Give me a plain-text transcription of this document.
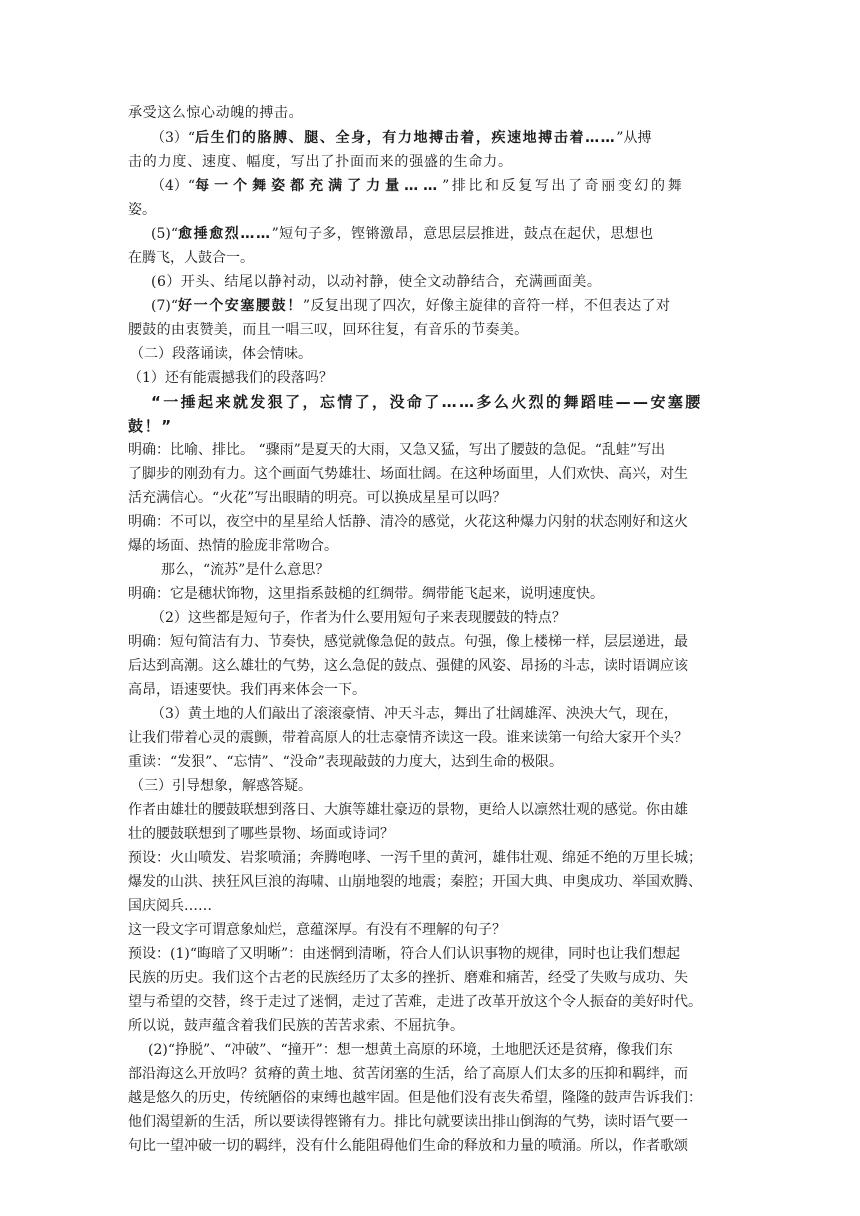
承受这么惊心动魄的搏击。
（3）“后生们的胳膊、腿、全身，有力地搏击着，疾速地搏击着……”从搏
击的力度、速度、幅度，写出了扑面而来的强盛的生命力。
（4）“每一个舞姿都充满了力量……”排比和反复写出了奇丽变幻的舞
姿。
(5)“愈捶愈烈……”短句子多，铿锵激昂，意思层层推进，鼓点在起伏，思想也
在腾飞，人鼓合一。
(6）开头、结尾以静衬动，以动衬静，使全文动静结合，充满画面美。
(7)“好一个安塞腰鼓！”反复出现了四次，好像主旋律的音符一样，不但表达了对
腰鼓的由衷赞美，而且一唱三叹，回环往复，有音乐的节奏美。
（二）段落诵读，体会情味。
（1）还有能震撼我们的段落吗？
“一捶起来就发狠了，忘情了，没命了……多么火烈的舞蹈哇——安塞腰
鼓！”
明确：比喻、排比。 “骤雨”是夏天的大雨，又急又猛，写出了腰鼓的急促。“乱蛙”写出
了脚步的刚劲有力。这个画面气势雄壮、场面壮阔。在这种场面里，人们欢快、高兴，对生
活充满信心。“火花”写出眼睛的明亮。可以换成星星可以吗？
明确：不可以，夜空中的星星给人恬静、清冷的感觉，火花这种爆力闪射的状态刚好和这火
爆的场面、热情的脸庞非常吻合。
那么，“流苏”是什么意思？
明确：它是穗状饰物，这里指系鼓槌的红绸带。绸带能飞起来，说明速度快。
（2）这些都是短句子，作者为什么要用短句子来表现腰鼓的特点？
明确：短句简洁有力、节奏快，感觉就像急促的鼓点。句强，像上楼梯一样，层层递进，最
后达到高潮。这么雄壮的气势，这么急促的鼓点、强健的风姿、昂扬的斗志，读时语调应该
高昂，语速要快。我们再来体会一下。
（3）黄土地的人们敲出了滚滚豪情、冲天斗志，舞出了壮阔雄浑、泱泱大气，现在，
让我们带着心灵的震颤，带着高原人的壮志豪情齐读这一段。谁来读第一句给大家开个头？
重读：“发狠”、“忘情”、“没命”表现敲鼓的力度大，达到生命的极限。
（三）引导想象，解惑答疑。
作者由雄壮的腰鼓联想到落日、大旗等雄壮豪迈的景物，更给人以凛然壮观的感觉。你由雄
壮的腰鼓联想到了哪些景物、场面或诗词？
预设：火山喷发、岩浆喷涌；奔腾咆哮、一泻千里的黄河，雄伟壮观、绵延不绝的万里长城；
爆发的山洪、挟狂风巨浪的海啸、山崩地裂的地震；秦腔；开国大典、申奥成功、举国欢腾、
国庆阅兵……
这一段文字可谓意象灿烂，意蕴深厚。有没有不理解的句子？
预设：(1)“晦暗了又明晰”：由迷惘到清晰，符合人们认识事物的规律，同时也让我们想起
民族的历史。我们这个古老的民族经历了太多的挫折、磨难和痛苦，经受了失败与成功、失
望与希望的交替，终于走过了迷惘，走过了苦难，走进了改革开放这个令人振奋的美好时代。
所以说，鼓声蕴含着我们民族的苦苦求索、不屈抗争。
(2)“挣脱”、“冲破”、“撞开”：想一想黄土高原的环境，土地肥沃还是贫瘠，像我们东
部沿海这么开放吗？贫瘠的黄土地、贫苦闭塞的生活，给了高原人们太多的压抑和羁绊，而
越是悠久的历史，传统陋俗的束缚也越牢固。但是他们没有丧失希望，隆隆的鼓声告诉我们：
他们渴望新的生活，所以要读得铿锵有力。排比句就要读出排山倒海的气势，读时语气要一
句比一望冲破一切的羁绊，没有什么能阻碍他们生命的释放和力量的喷涌。所以，作者歌颂
